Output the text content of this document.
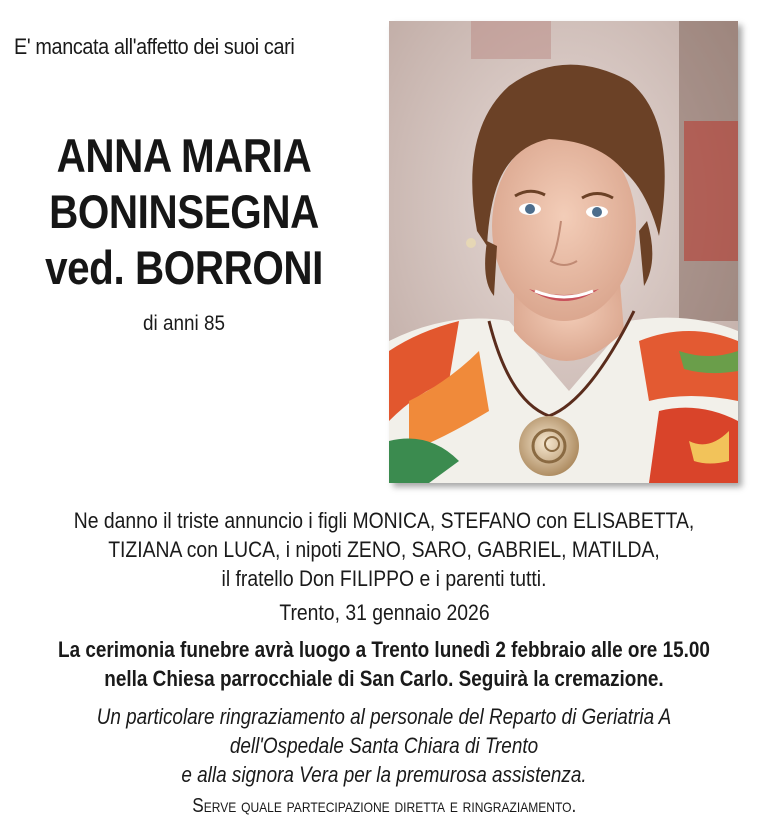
E' mancata all'affetto dei suoi cari
ANNA MARIA
BONINSEGNA
ved. BORRONI
di anni 85
Ne danno il triste annuncio i figli MONICA, STEFANO con ELISABETTA,
TIZIANA con LUCA, i nipoti ZENO, SARO, GABRIEL, MATILDA,
il fratello Don FILIPPO e i parenti tutti.
Trento, 31 gennaio 2026
La cerimonia funebre avrà luogo a Trento lunedì 2 febbraio alle ore 15.00
nella Chiesa parrocchiale di San Carlo. Seguirà la cremazione.
Un particolare ringraziamento al personale del Reparto di Geriatria A
dell'Ospedale Santa Chiara di Trento
e alla signora Vera per la premurosa assistenza.
Serve quale partecipazione diretta e ringraziamento.
